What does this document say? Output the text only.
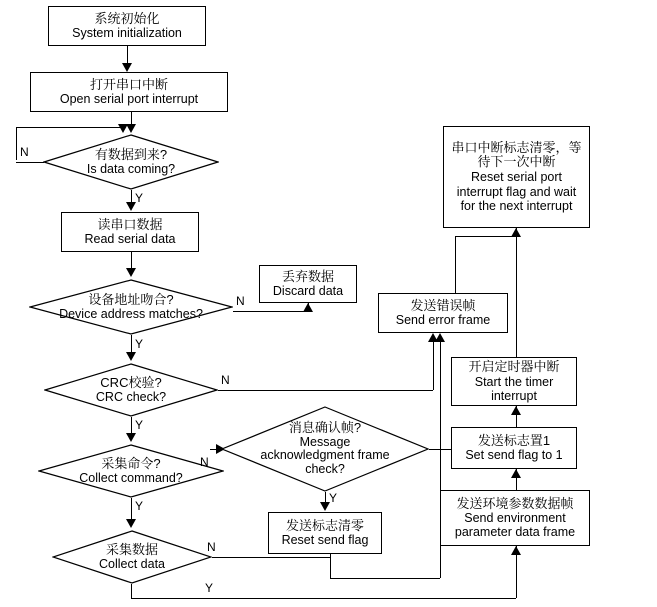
系统初始化
System initialization
打开串口中断
Open serial port interrupt
读串口数据
Read serial data
丢弃数据
Discard data
发送错误帧
Send error frame
开启定时器中断
Start the timer interrupt
发送标志置1
Set send flag to 1
发送环境参数数据帧
Send environment parameter data frame
发送标志清零
Reset send flag
串口中断标志清零，等待下一次中断
Reset serial port interrupt flag and wait for the next interrupt
有数据到来?
Is data coming?
设备地址吻合?
Device address matches?
CRC校验?
CRC check?
采集命令?
Collect command?
采集数据
Collect data
消息确认帧?
Message acknowledgment frame check?
N
Y
N
Y
N
Y
N
Y
N
Y
Y
